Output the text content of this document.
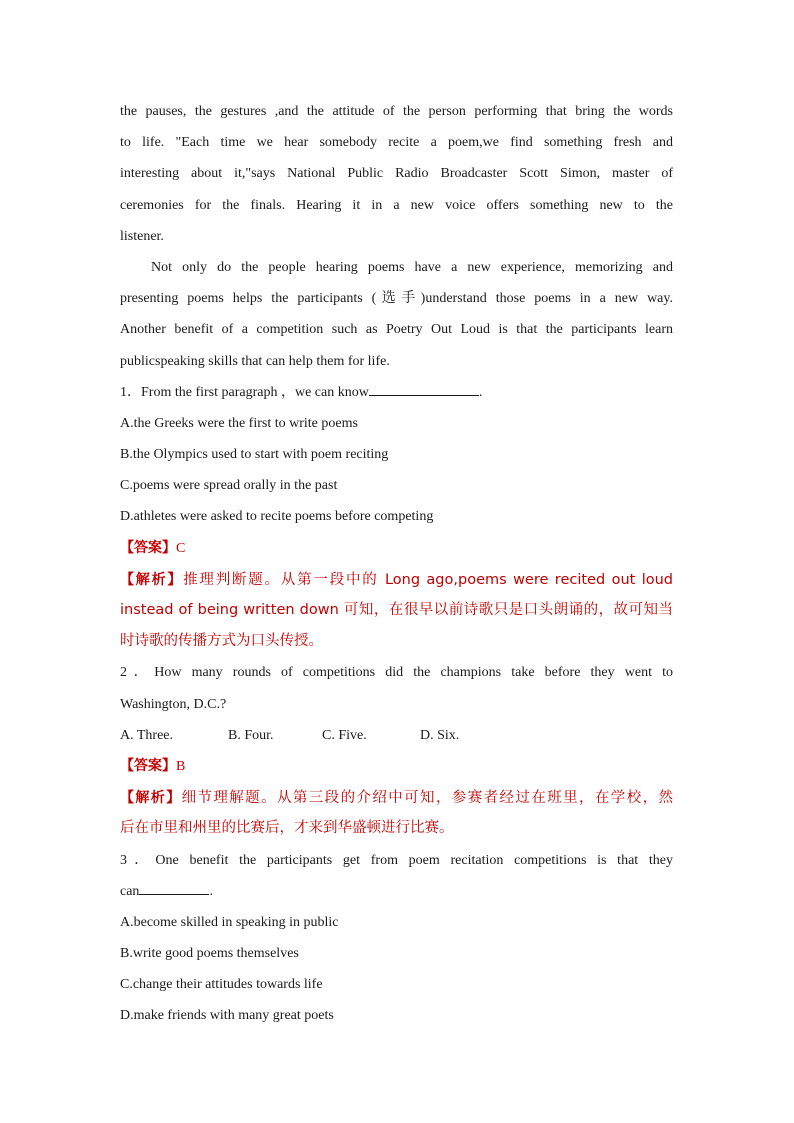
the pauses, the gestures ,and the attitude of the person performing that bring the words
to life. "Each time we hear somebody recite a poem,we find something fresh and
interesting about it,"says National Public Radio Broadcaster Scott Simon, master of
ceremonies for the finals. Hearing it in a new voice offers something new to the
listener.
Not only do the people hearing poems have a new experience, memorizing and
presenting poems helps the participants (选手)understand those poems in a new way.
Another benefit of a competition such as Poetry Out Loud is that the participants learn
publicspeaking skills that can help them for life.
1．From the first paragraph ，we can know	.
A.the Greeks were the first to write poems
B.the Olympics used to start with poem reciting
C.poems were spread orally in the past
D.athletes were asked to recite poems before competing
【答案】C
【解析】推理判断题。从第一段中的 Long ago,poems were recited out loud
instead of being written down 可知，在很早以前诗歌只是口头朗诵的，故可知当
时诗歌的传播方式为口头传授。
2．How many rounds of competitions did the champions take before they went to
Washington, D.C.?
A. Three.	B. Four.	C. Five.	D. Six.
【答案】B
【解析】细节理解题。从第三段的介绍中可知，参赛者经过在班里，在学校，然
后在市里和州里的比赛后，才来到华盛顿进行比赛。
3．One benefit the participants get from poem recitation competitions is that they
can	.
A.become skilled in speaking in public
B.write good poems themselves
C.change their attitudes towards life
D.make friends with many great poets
